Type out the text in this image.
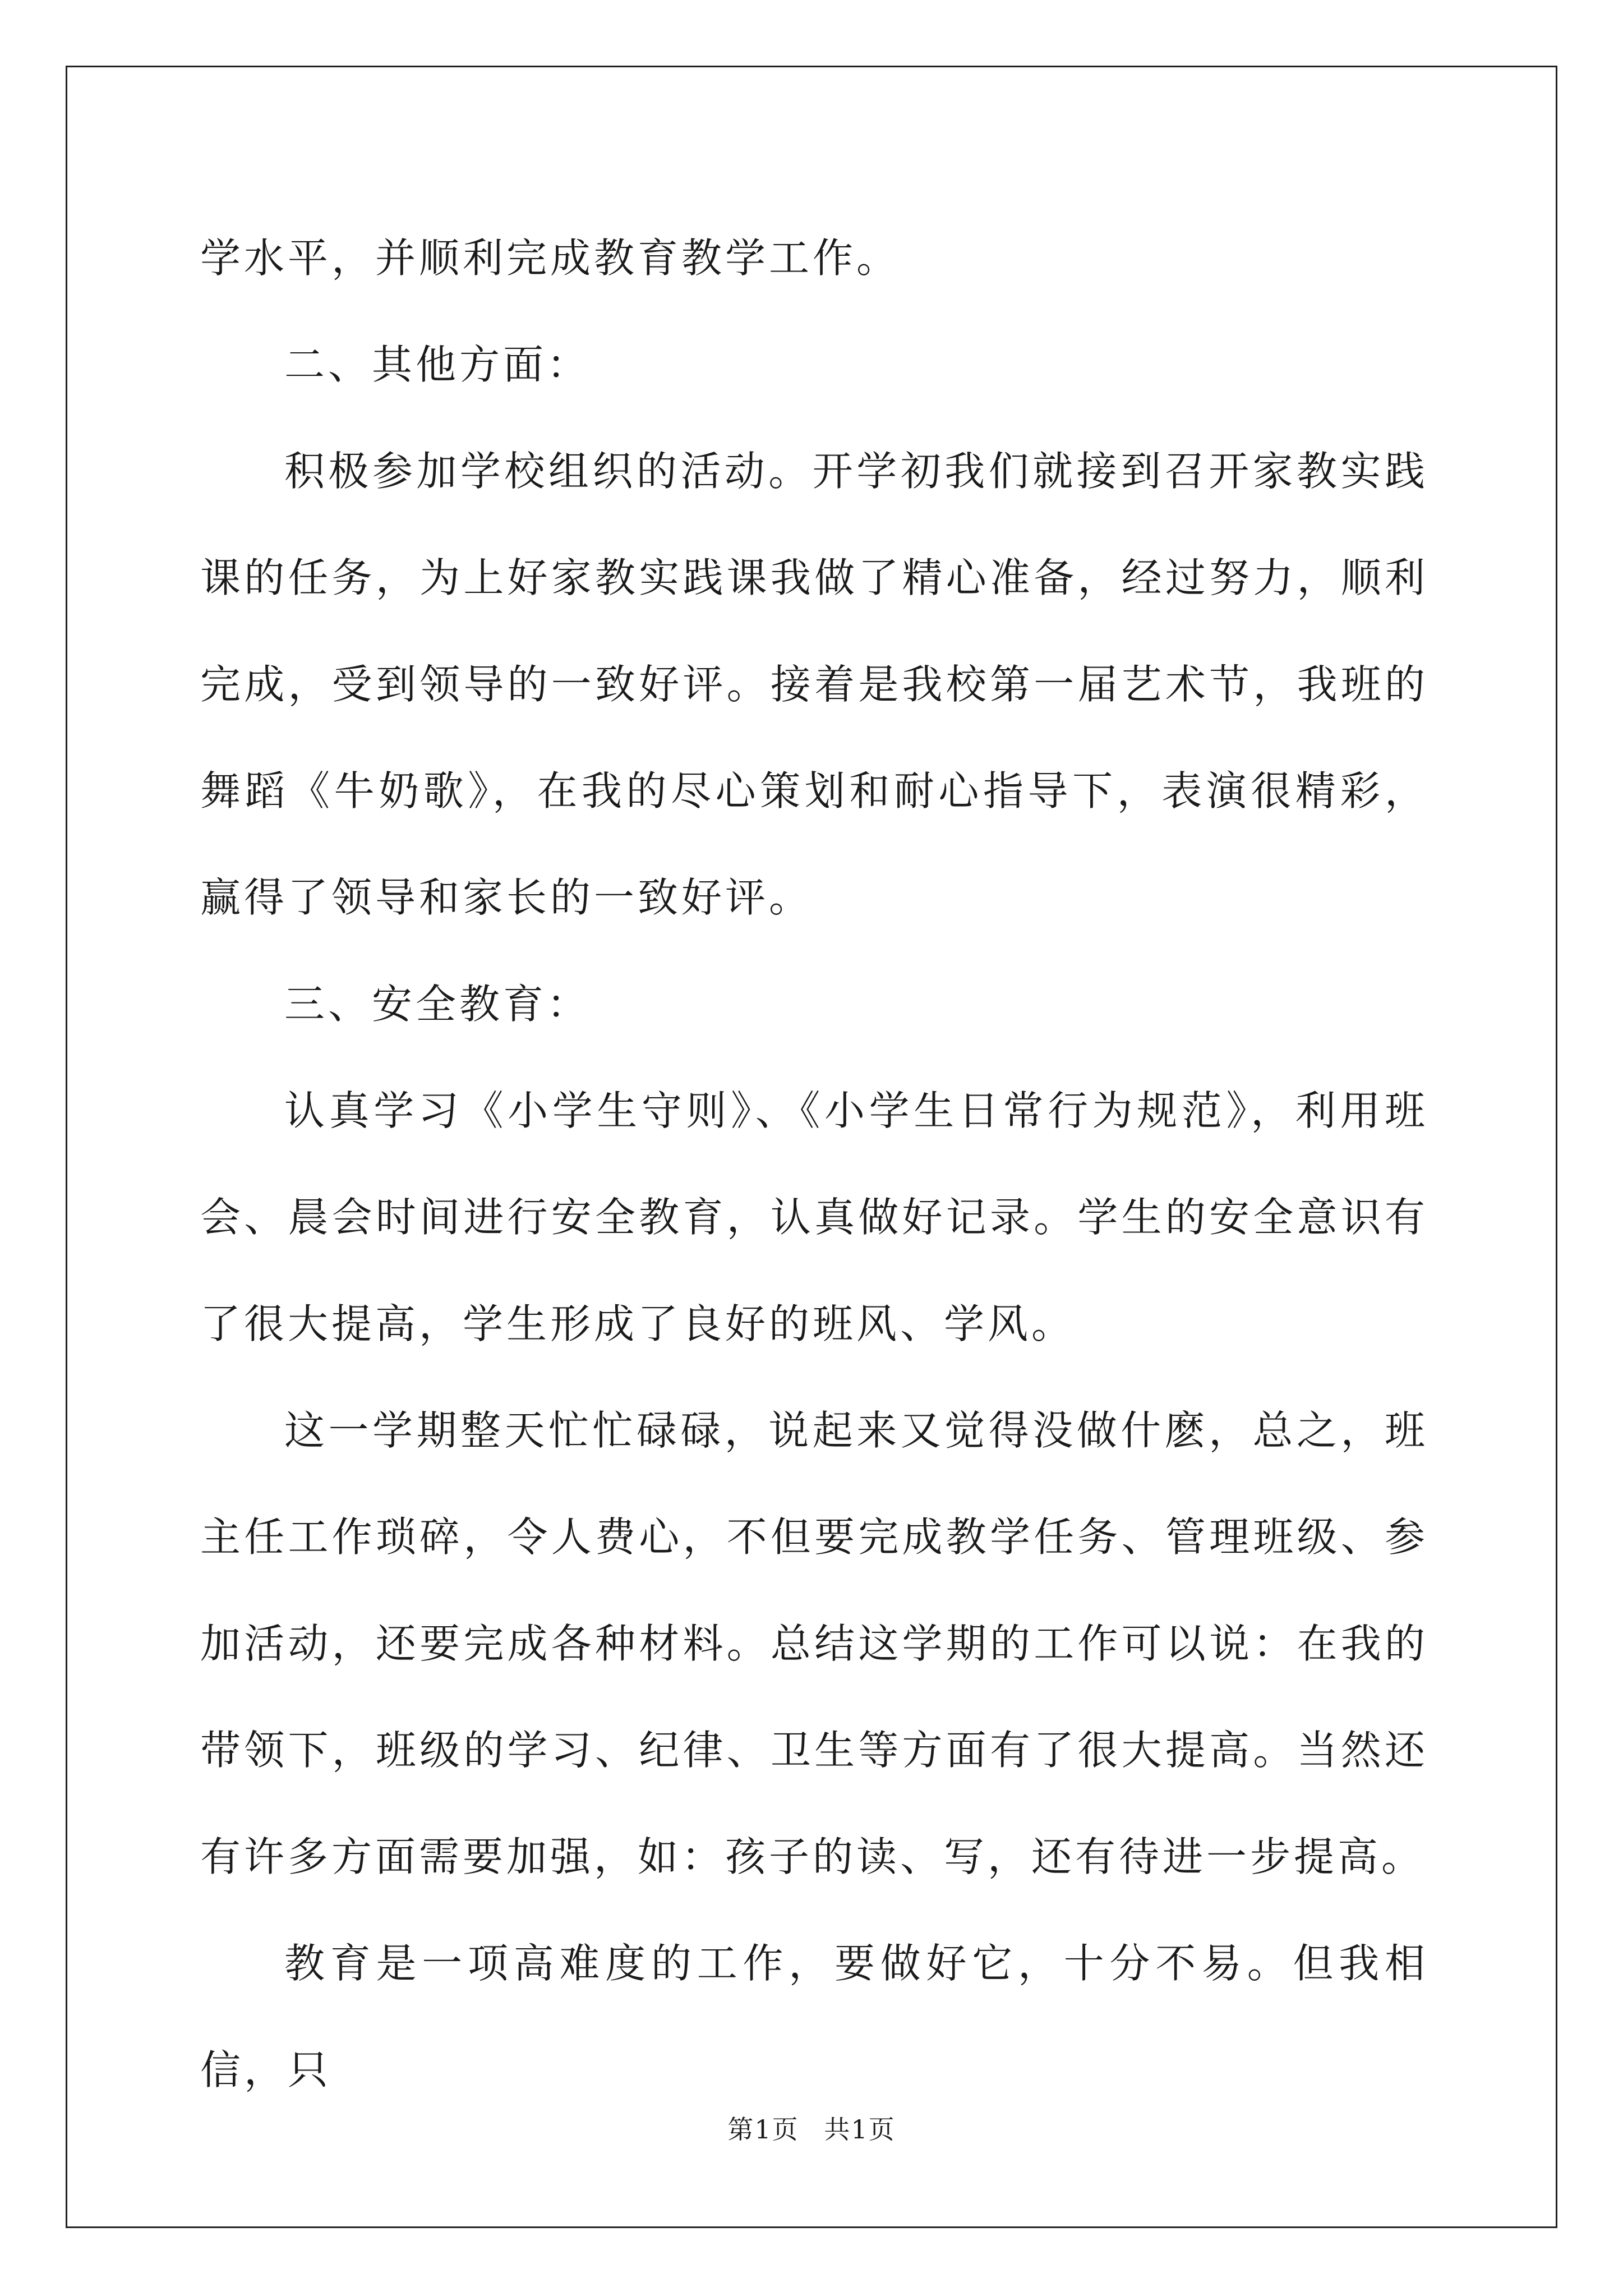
学水平，并顺利完成教育教学工作。

二、其他方面：

积极参加学校组织的活动。开学初我们就接到召开家教实践课的任务，为上好家教实践课我做了精心准备，经过努力，顺利完成，受到领导的一致好评。接着是我校第一届艺术节，我班的舞蹈《牛奶歌》，在我的尽心策划和耐心指导下，表演很精彩，赢得了领导和家长的一致好评。

三、安全教育：

认真学习《小学生守则》、《小学生日常行为规范》，利用班会、晨会时间进行安全教育，认真做好记录。学生的安全意识有了很大提高，学生形成了良好的班风、学风。

这一学期整天忙忙碌碌，说起来又觉得没做什麽，总之，班主任工作琐碎，令人费心，不但要完成教学任务、管理班级、参加活动，还要完成各种材料。总结这学期的工作可以说：在我的带领下，班级的学习、纪律、卫生等方面有了很大提高。当然还有许多方面需要加强，如：孩子的读、写，还有待进一步提高。

教育是一项高难度的工作，要做好它，十分不易。但我相信，只

第1页 共1页
